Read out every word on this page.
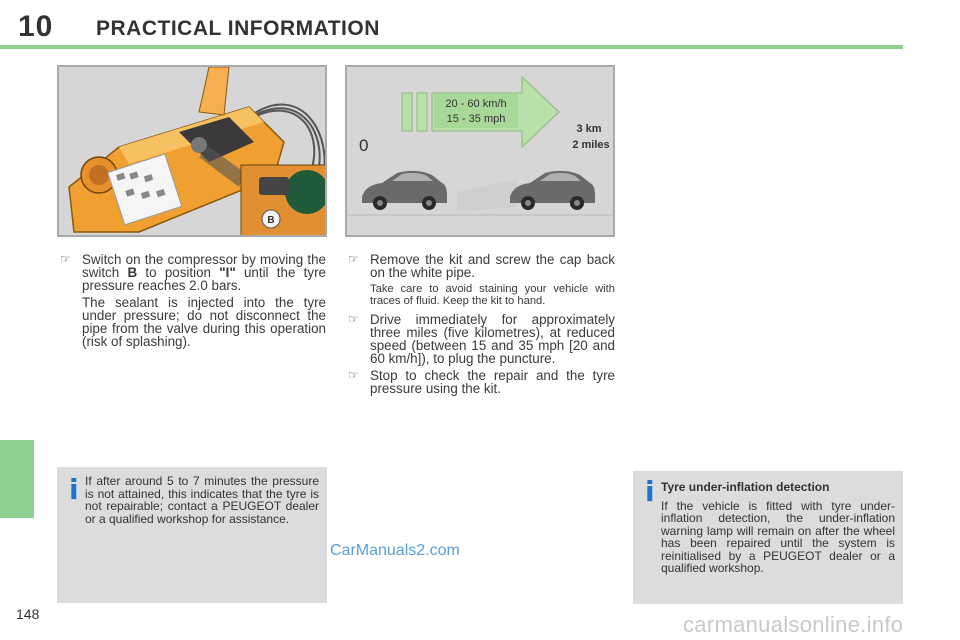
10 PRACTICAL INFORMATION
B
20 - 60 km/h
15 - 35 mph
0
3 km
2 miles
☞ Switch on the compressor by moving the switch B to position "I" until the tyre pressure reaches 2.0 bars.
The sealant is injected into the tyre under pressure; do not disconnect the pipe from the valve during this operation (risk of splashing).
☞ Remove the kit and screw the cap back on the white pipe.
Take care to avoid staining your vehicle with traces of fluid. Keep the kit to hand.
☞ Drive immediately for approximately three miles (five kilometres), at reduced speed (between 15 and 35 mph [20 and 60 km/h]), to plug the puncture.
☞ Stop to check the repair and the tyre pressure using the kit.
i If after around 5 to 7 minutes the pressure is not attained, this indicates that the tyre is not repairable; contact a PEUGEOT dealer or a qualified workshop for assistance.
i Tyre under-inflation detection
If the vehicle is fitted with tyre under-inflation detection, the under-inflation warning lamp will remain on after the wheel has been repaired until the system is reinitialised by a PEUGEOT dealer or a qualified workshop.
CarManuals2.com
148	carmanualsonline.info
